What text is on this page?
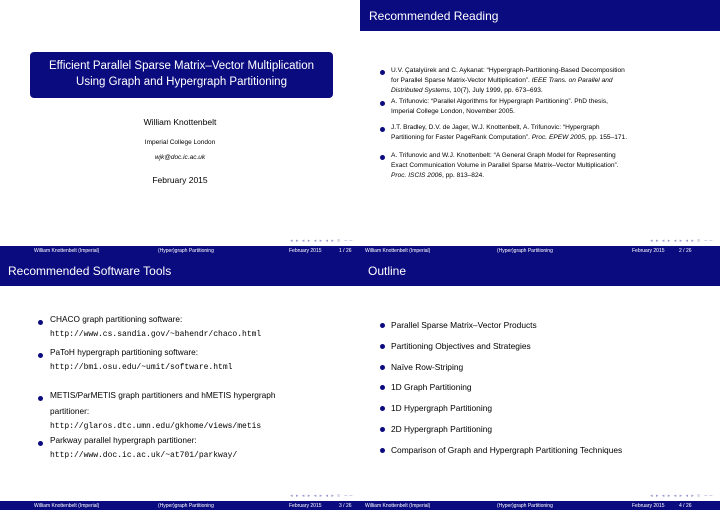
Efficient Parallel Sparse Matrix–Vector Multiplication
Using Graph and Hypergraph Partitioning
William Knottenbelt
Imperial College London
wjk@doc.ic.ac.uk
February 2015
◂ ▸ ◂ ▸ ◂ ▸ ◂ ▸ ≡ ∽∽
William Knottenbelt (Imperial)	(Hyper)graph Partitioning	February 2015	1 / 26
Recommended Reading
◂ ▸ ◂ ▸ ◂ ▸ ◂ ▸ ≡ ∽∽
William Knottenbelt (Imperial)	(Hyper)graph Partitioning	February 2015	2 / 26
U.V. Çatalyürek and C. Aykanat: “Hypergraph-Partitioning-Based Decomposition
for Parallel Sparse Matrix-Vector Multiplication”. IEEE Trans. on Parallel and
Distributed Systems, 10(7), July 1999, pp. 673–693.
A. Trifunovic: “Parallel Algorithms for Hypergraph Partitioning”. PhD thesis,
Imperial College London, November 2005.
J.T. Bradley, D.V. de Jager, W.J. Knottenbelt, A. Trifunovic: “Hypergraph
Partitioning for Faster PageRank Computation”. Proc. EPEW 2005, pp. 155–171.
A. Trifunovic and W.J. Knottenbelt: “A General Graph Model for Representing
Exact Communication Volume in Parallel Sparse Matrix–Vector Multiplication”.
Proc. ISCIS 2006, pp. 813–824.
Recommended Software Tools
◂ ▸ ◂ ▸ ◂ ▸ ◂ ▸ ≡ ∽∽
William Knottenbelt (Imperial)	(Hyper)graph Partitioning	February 2015	3 / 26
CHACO graph partitioning software:
http://www.cs.sandia.gov/~bahendr/chaco.html
PaToH hypergraph partitioning software:
http://bmi.osu.edu/~umit/software.html
METIS/ParMETIS graph partitioners and hMETIS hypergraph
partitioner:
http://glaros.dtc.umn.edu/gkhome/views/metis
Parkway parallel hypergraph partitioner:
http://www.doc.ic.ac.uk/~at701/parkway/
Outline
◂ ▸ ◂ ▸ ◂ ▸ ◂ ▸ ≡ ∽∽
William Knottenbelt (Imperial)	(Hyper)graph Partitioning	February 2015	4 / 26
Parallel Sparse Matrix–Vector Products
Partitioning Objectives and Strategies
Naïve Row-Striping
1D Graph Partitioning
1D Hypergraph Partitioning
2D Hypergraph Partitioning
Comparison of Graph and Hypergraph Partitioning Techniques
